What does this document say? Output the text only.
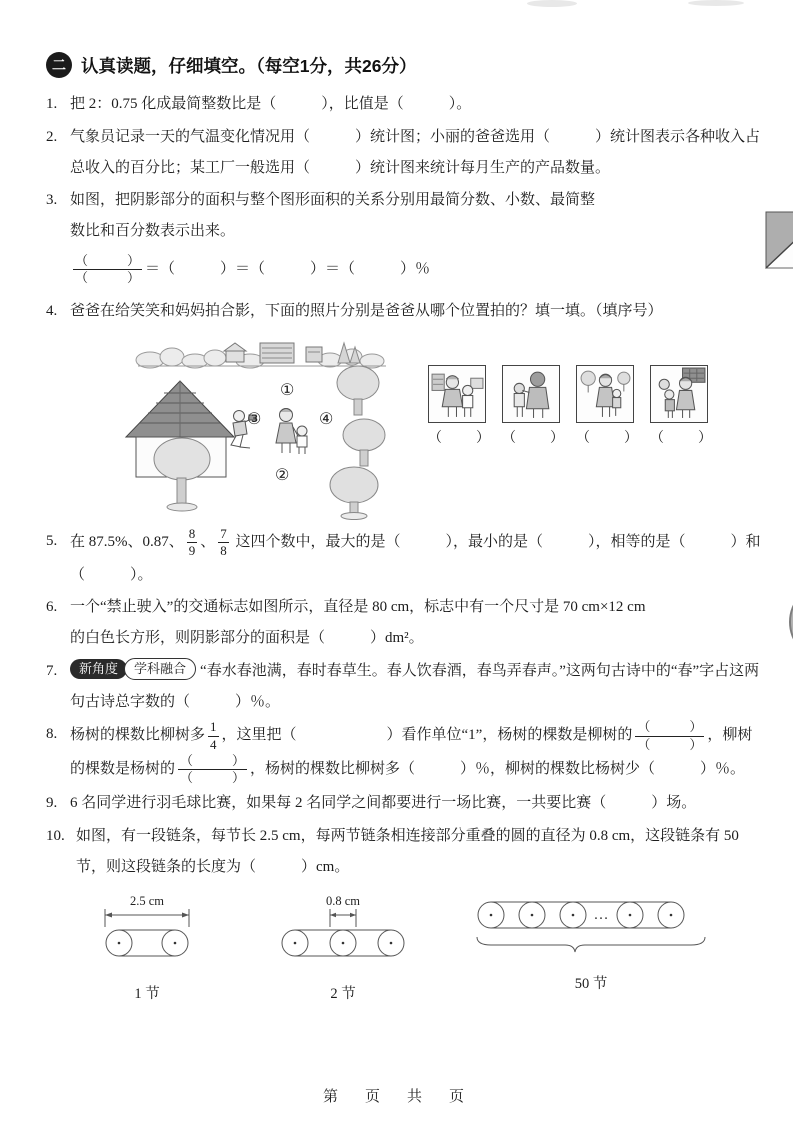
二 认真读题，仔细填空。（每空1分，共26分）
1. 把 2：0.75 化成最简整数比是（　　　），比值是（　　　）。
2. 气象员记录一天的气温变化情况用（　　　）统计图；小丽的爸爸选用（　　　）统计图表示各种收入占总收入的百分比；某工厂一般选用（　　　）统计图来统计每月生产的产品数量。
3. 如图，把阴影部分的面积与整个图形面积的关系分别用最简分数、小数、最简整数比和百分数表示出来。
$\frac{( )}{( )}$ ＝（　　　）＝（　　　）＝（　　　）％
4. 爸爸在给笑笑和妈妈拍合影，下面的照片分别是爸爸从哪个位置拍的？填一填。（填序号）
①
②
③	④
（　　） （　　） （　　） （　　）
5. 在 87.5%、0.87、 $\frac{8}{9}$ 、 $\frac{7}{8}$ 这四个数中，最大的是（　　　），最小的是（　　　），相等的是（　　　）和（　　　）。
6. 一个“禁止驶入”的交通标志如图所示，直径是 80 cm，标志中有一个尺寸是 70 cm×12 cm 的白色长方形，则阴影部分的面积是（　　　）dm²。
7. 新角度 学科融合 “春水春池满，春时春草生。春人饮春酒，春鸟弄春声。”这两句古诗中的“春”字占这两句古诗总字数的（　　　）％。
8. 杨树的棵数比柳树多 $\frac{1}{4}$ ，这里把（　　　　　　）看作单位“1”，杨树的棵数是柳树的 $\frac{( )}{( )}$ ，柳树的棵数是杨树的 $\frac{( )}{( )}$ ，杨树的棵数比柳树多（　　　）％，柳树的棵数比杨树少（　　　）％。
9. 6 名同学进行羽毛球比赛，如果每 2 名同学之间都要进行一场比赛，一共要比赛（　　　）场。
10. 如图，有一段链条，每节长 2.5 cm，每两节链条相连接部分重叠的圆的直径为 0.8 cm，这段链条有 50 节，则这段链条的长度为（　　　）cm。
2.5 cm
1 节
0.8 cm
2 节
…
50 节
第　页　共　页
